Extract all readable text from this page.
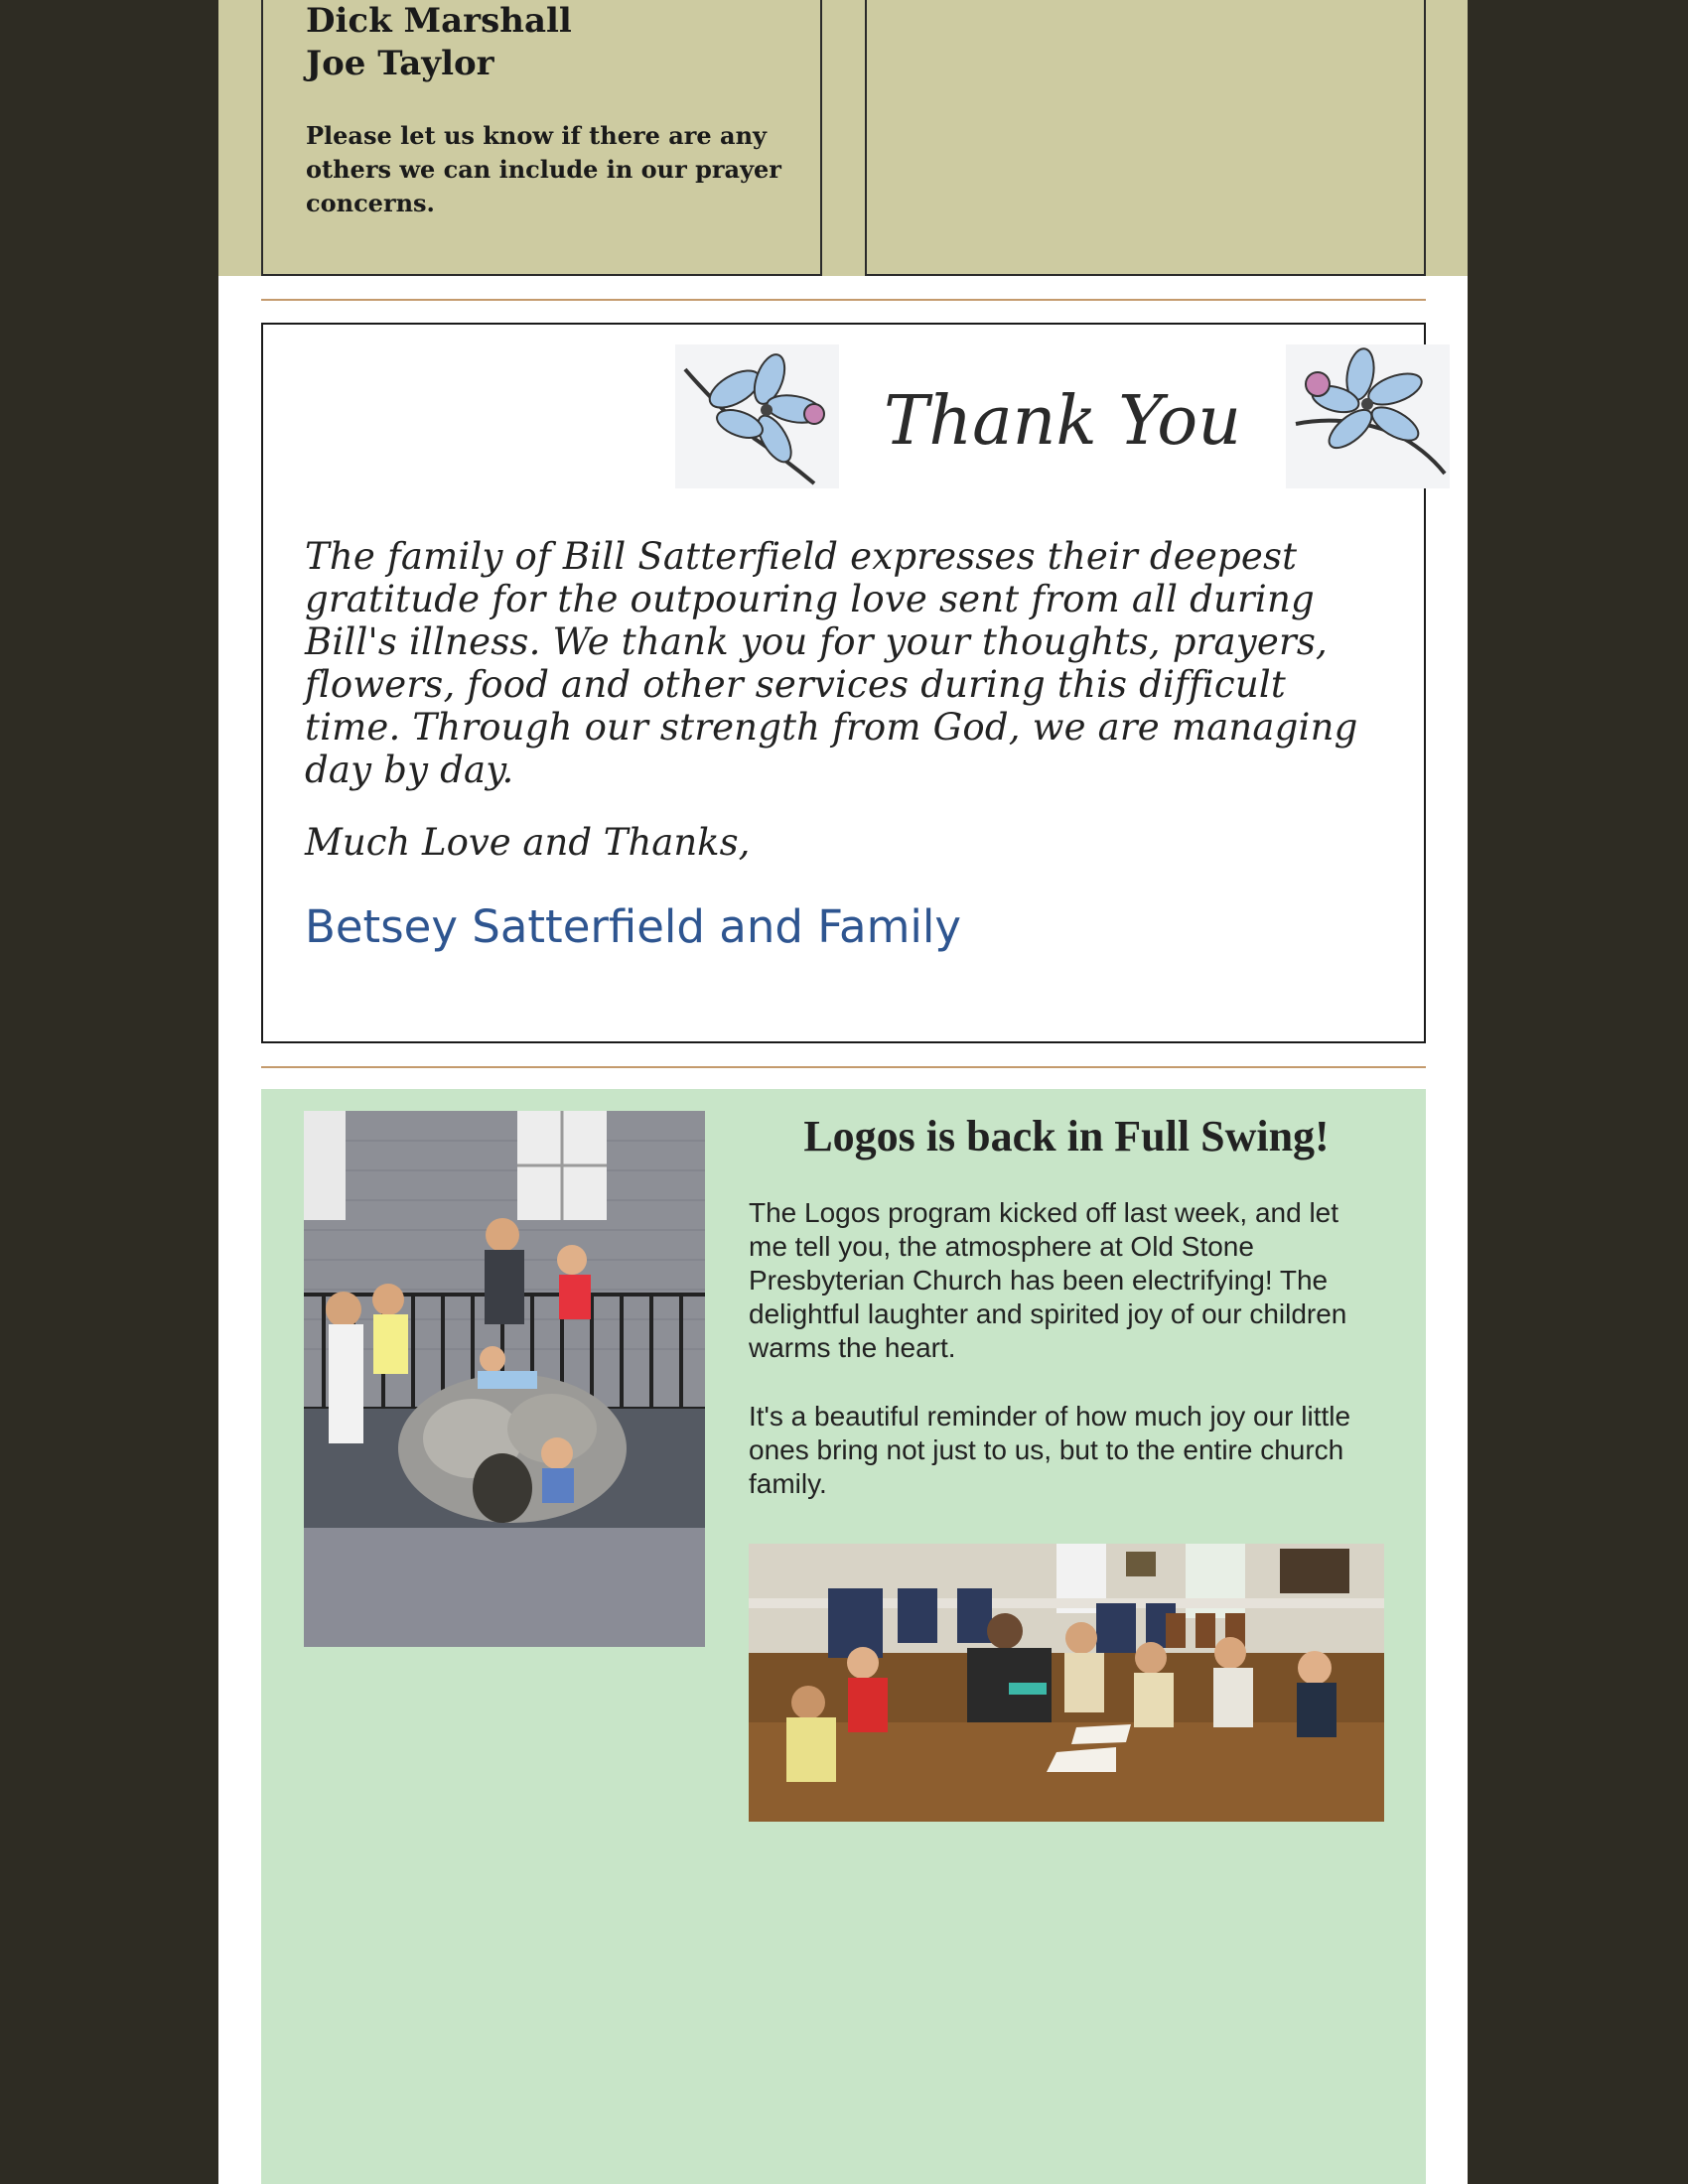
Dick Marshall
Joe Taylor
Please let us know if there are any others we can include in our prayer concerns.
Thank You
The family of Bill Satterfield expresses their deepest gratitude for the outpouring love sent from all during Bill's illness. We thank you for your thoughts, prayers, flowers, food and other services during this difficult time. Through our strength from God, we are managing day by day.
Much Love and Thanks,
Betsey Satterfield and Family
Logos is back in Full Swing!

The Logos program kicked off last week, and let me tell you, the atmosphere at Old Stone Presbyterian Church has been electrifying! The delightful laughter and spirited joy of our children warms the heart.

It's a beautiful reminder of how much joy our little ones bring not just to us, but to the entire church family.
